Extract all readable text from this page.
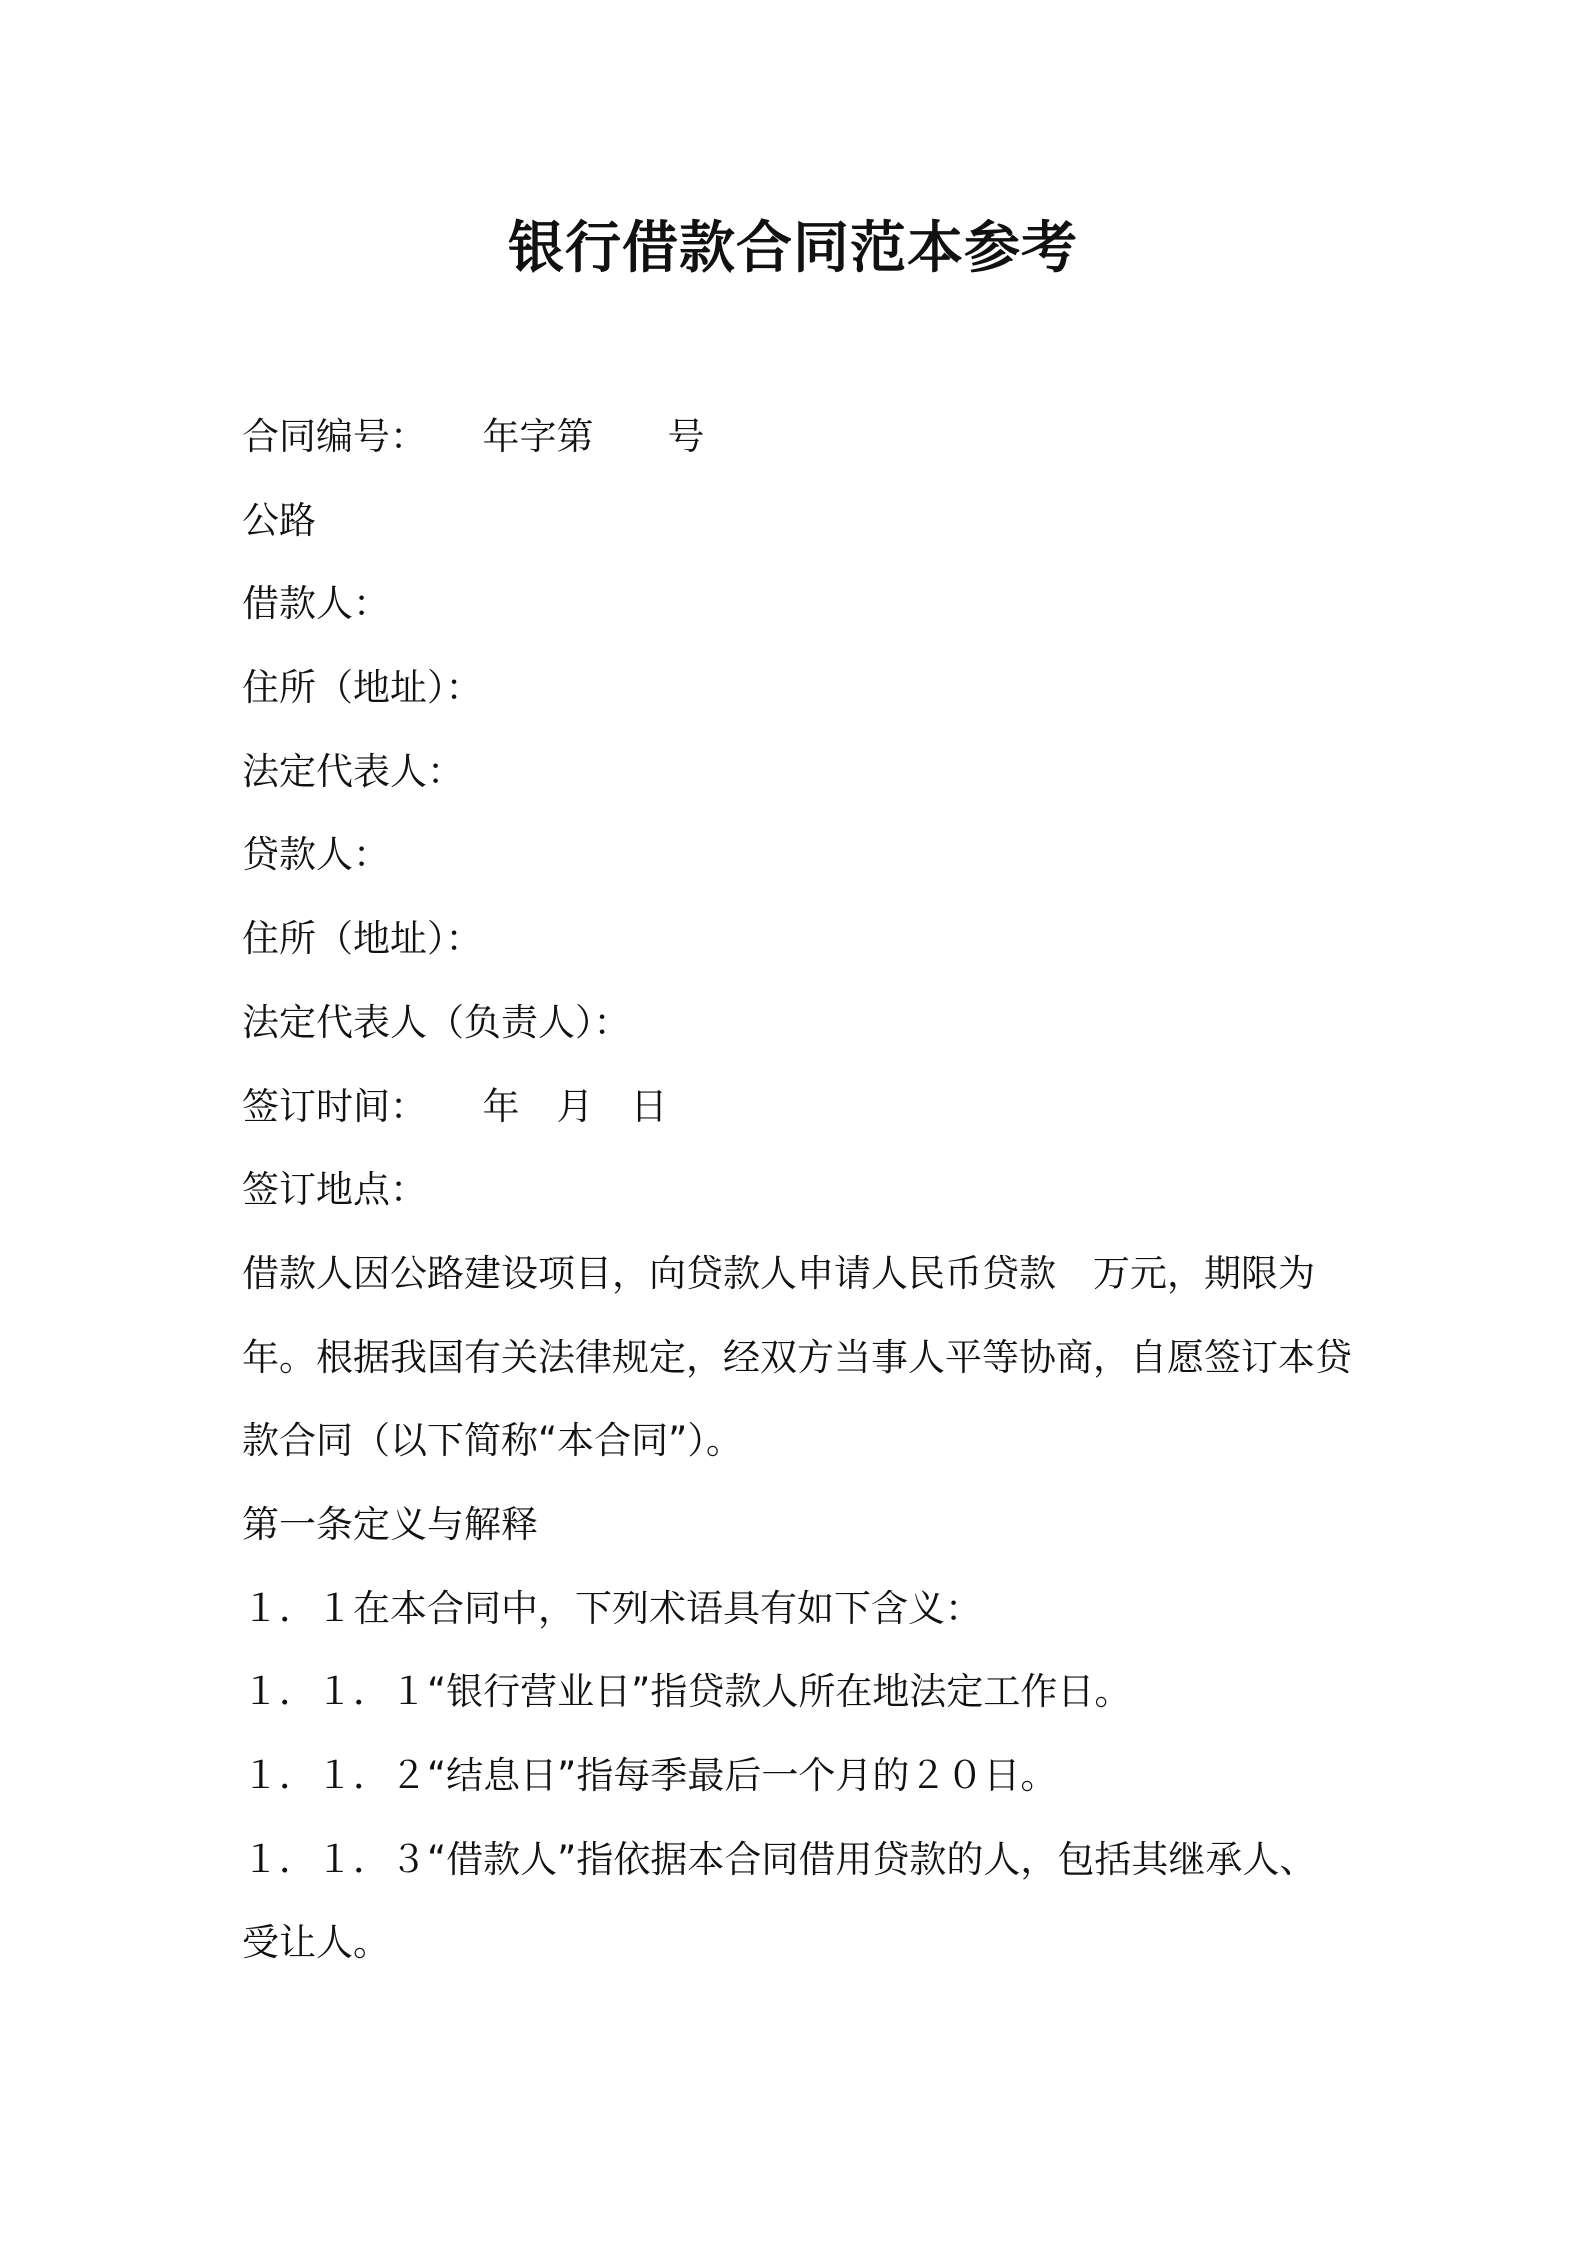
银行借款合同范本参考
合同编号：　　年字第　　号
公路
借款人：
住所（地址）：
法定代表人：
贷款人：
住所（地址）：
法定代表人（负责人）：
签订时间：　　年　月　日
签订地点：
借款人因公路建设项目，向贷款人申请人民币贷款　万元，期限为
年。根据我国有关法律规定，经双方当事人平等协商，自愿签订本贷
款合同（以下简称“本合同”）。
第一条定义与解释
１．１在本合同中，下列术语具有如下含义：
１．１．１“银行营业日”指贷款人所在地法定工作日。
１．１．２“结息日”指每季最后一个月的２０日。
１．１．３“借款人”指依据本合同借用贷款的人，包括其继承人、
受让人。
